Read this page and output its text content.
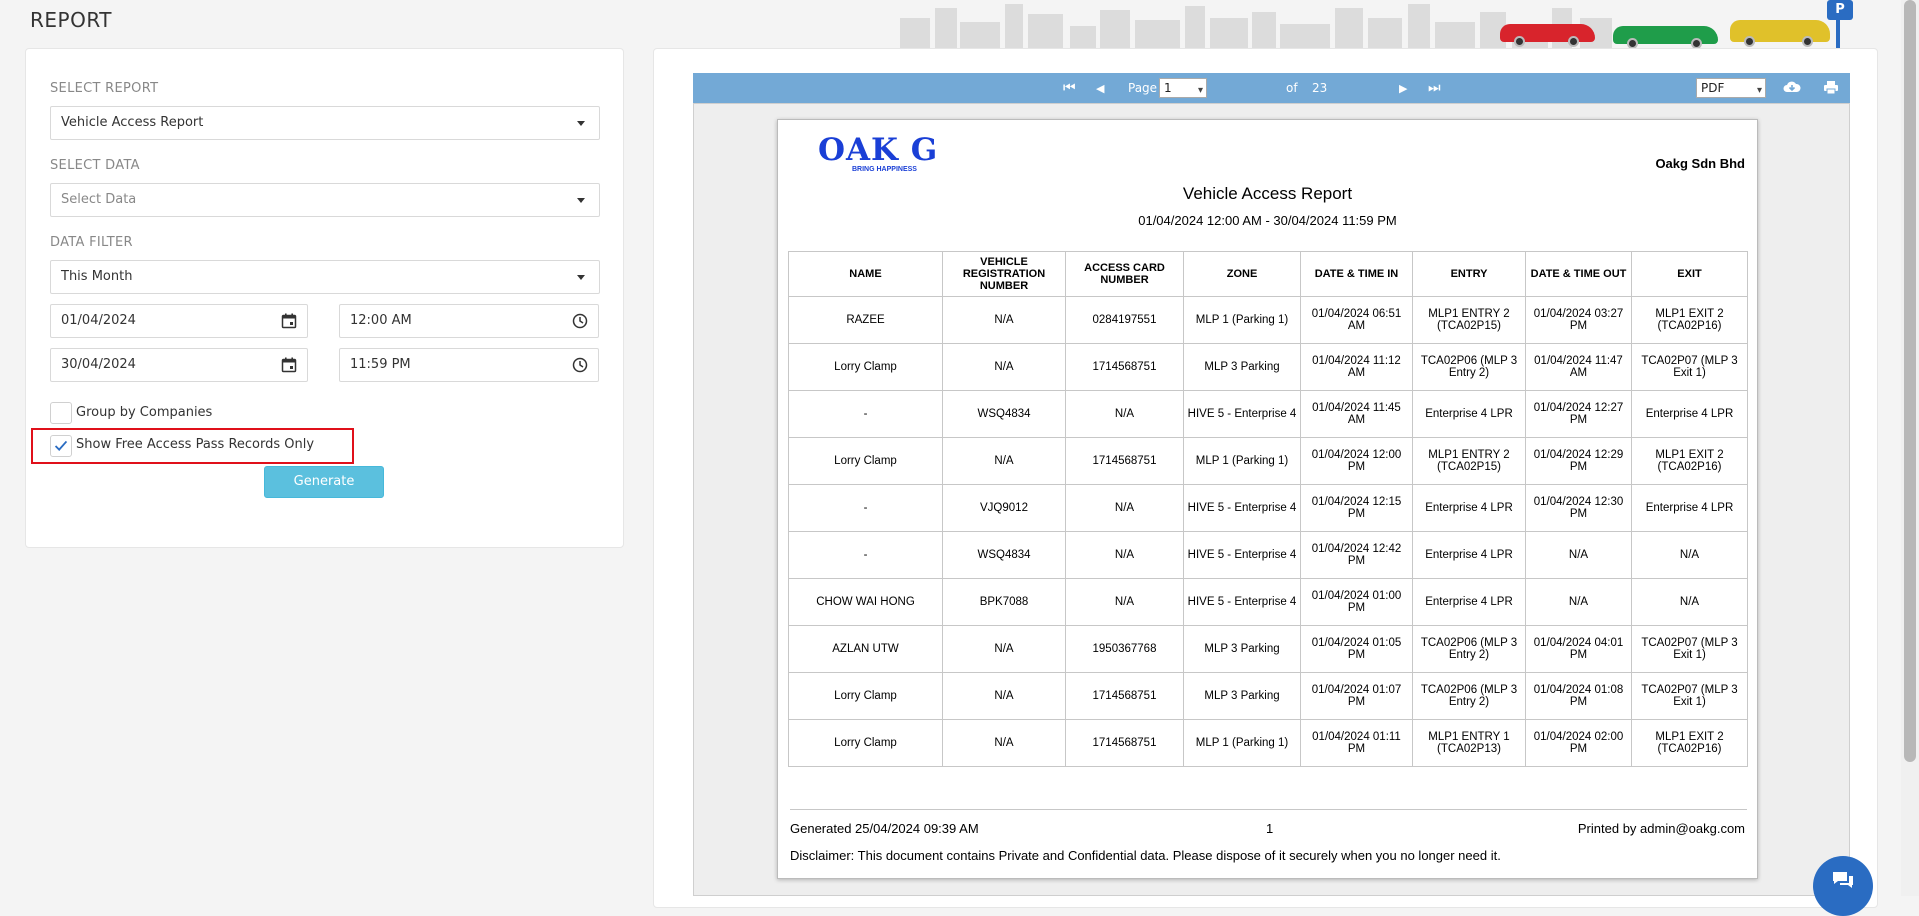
REPORT	P
SELECT REPORT
Vehicle Access Report
SELECT DATA
Select Data
DATA FILTER
This Month
01/04/2024	12:00 AM
30/04/2024	11:59 PM
Group by Companies
Show Free Access Pass Records Only
Generate
⏮ ◀ Page 1	▾	of 23	▶ ⏭	PDF	▾
OAK G
BRING HAPPINESS	Oakg Sdn Bhd
Vehicle Access Report
01/04/2024 12:00 AM - 30/04/2024 11:59 PM
NAME	VEHICLE REGISTRATION NUMBER	ACCESS CARD NUMBER	ZONE	DATE & TIME IN	ENTRY	DATE & TIME OUT	EXIT
RAZEE	N/A	0284197551	MLP 1 (Parking 1)	01/04/2024 06:51 AM	MLP1 ENTRY 2 (TCA02P15)	01/04/2024 03:27 PM	MLP1 EXIT 2 (TCA02P16)
Lorry Clamp	N/A	1714568751	MLP 3 Parking	01/04/2024 11:12 AM	TCA02P06 (MLP 3 Entry 2)	01/04/2024 11:47 AM	TCA02P07 (MLP 3 Exit 1)
-	WSQ4834	N/A	HIVE 5 - Enterprise 4	01/04/2024 11:45 AM	Enterprise 4 LPR	01/04/2024 12:27 PM	Enterprise 4 LPR
Lorry Clamp	N/A	1714568751	MLP 1 (Parking 1)	01/04/2024 12:00 PM	MLP1 ENTRY 2 (TCA02P15)	01/04/2024 12:29 PM	MLP1 EXIT 2 (TCA02P16)
-	VJQ9012	N/A	HIVE 5 - Enterprise 4	01/04/2024 12:15 PM	Enterprise 4 LPR	01/04/2024 12:30 PM	Enterprise 4 LPR
-	WSQ4834	N/A	HIVE 5 - Enterprise 4	01/04/2024 12:42 PM	Enterprise 4 LPR	N/A	N/A
CHOW WAI HONG	BPK7088	N/A	HIVE 5 - Enterprise 4	01/04/2024 01:00 PM	Enterprise 4 LPR	N/A	N/A
AZLAN UTW	N/A	1950367768	MLP 3 Parking	01/04/2024 01:05 PM	TCA02P06 (MLP 3 Entry 2)	01/04/2024 04:01 PM	TCA02P07 (MLP 3 Exit 1)
Lorry Clamp	N/A	1714568751	MLP 3 Parking	01/04/2024 01:07 PM	TCA02P06 (MLP 3 Entry 2)	01/04/2024 01:08 PM	TCA02P07 (MLP 3 Exit 1)
Lorry Clamp	N/A	1714568751	MLP 1 (Parking 1)	01/04/2024 01:11 PM	MLP1 ENTRY 1 (TCA02P13)	01/04/2024 02:00 PM	MLP1 EXIT 2 (TCA02P16)
Generated 25/04/2024 09:39 AM	1	Printed by admin@oakg.com
Disclaimer: This document contains Private and Confidential data. Please dispose of it securely when you no longer need it.
